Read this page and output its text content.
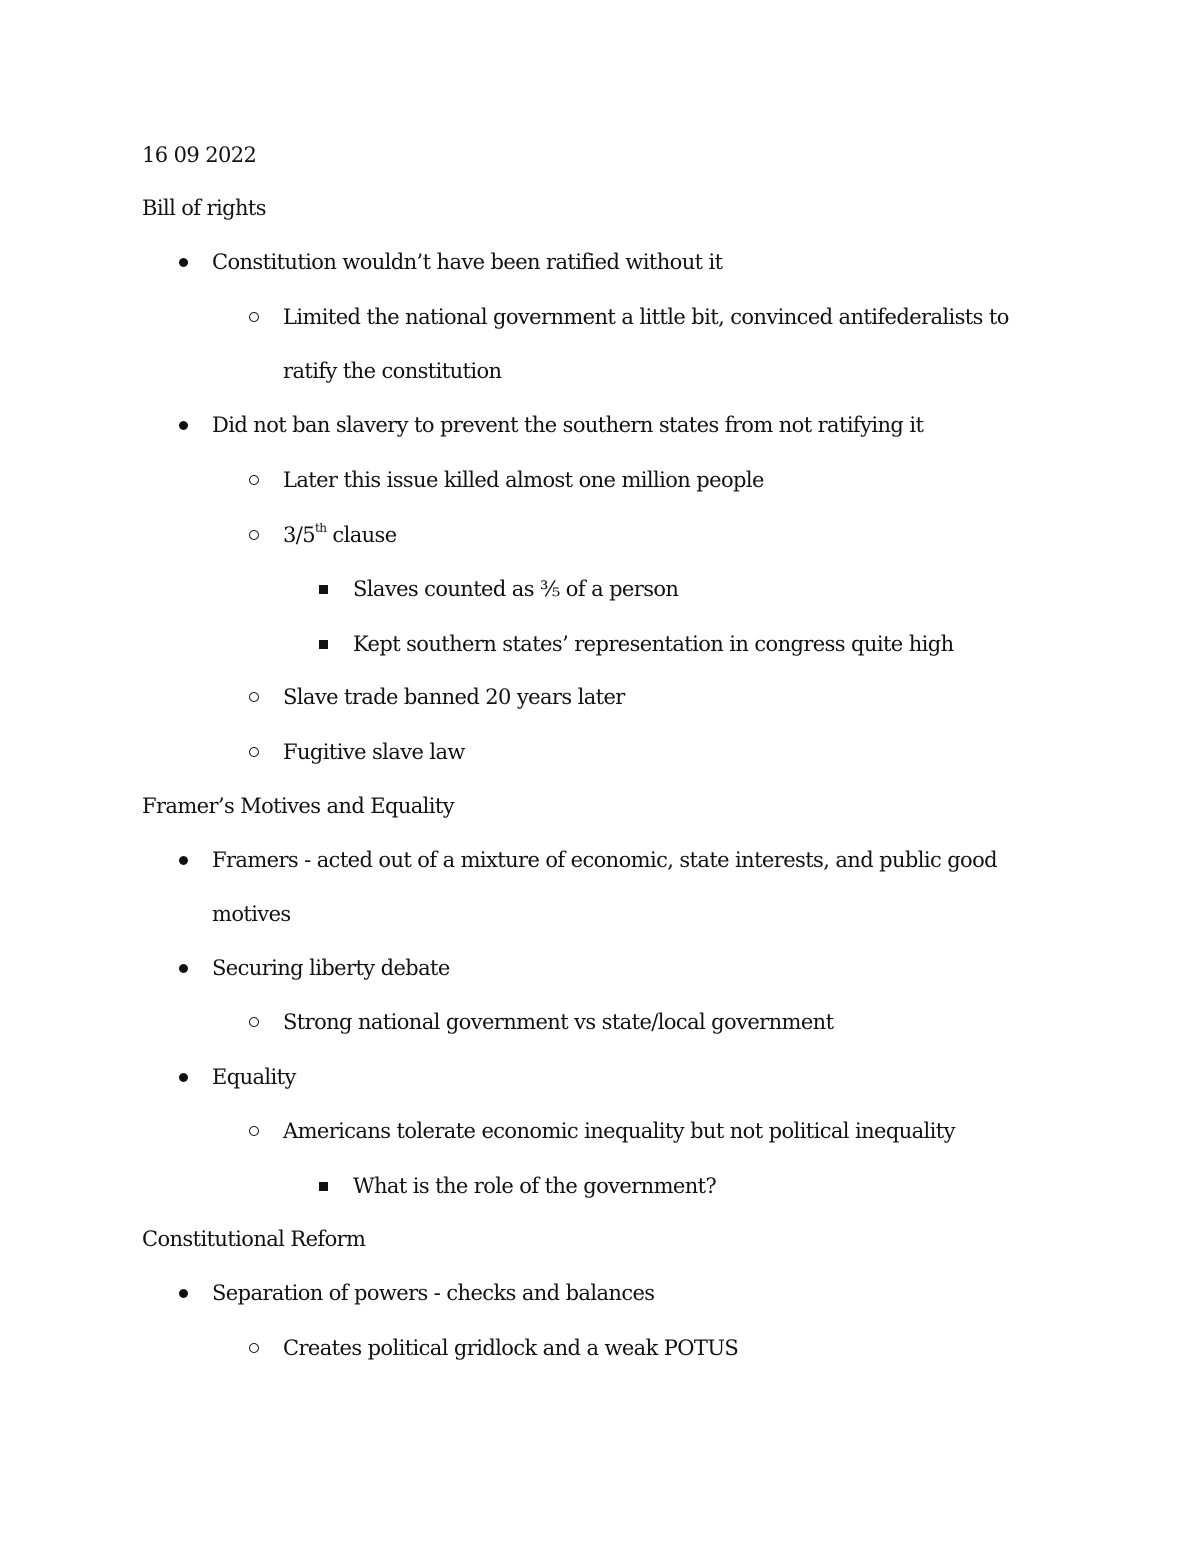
16 09 2022
Bill of rights
Constitution wouldn’t have been ratified without it
Limited the national government a little bit, convinced antifederalists to
ratify the constitution
Did not ban slavery to prevent the southern states from not ratifying it
Later this issue killed almost one million people
3/5th clause
Slaves counted as ⅗ of a person
Kept southern states’ representation in congress quite high
Slave trade banned 20 years later
Fugitive slave law
Framer’s Motives and Equality
Framers - acted out of a mixture of economic, state interests, and public good
motives
Securing liberty debate
Strong national government vs state/local government
Equality
Americans tolerate economic inequality but not political inequality
What is the role of the government?
Constitutional Reform
Separation of powers - checks and balances
Creates political gridlock and a weak POTUS
